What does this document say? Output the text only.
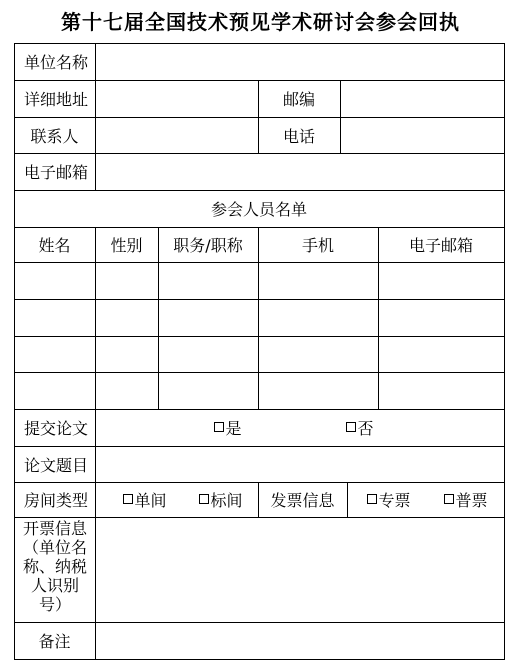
第十七届全国技术预见学术研讨会参会回执
单位名称
详细地址	邮编
联系人	电话
电子邮箱
参会人员名单
姓名	性别	职务/职称	手机	电子邮箱
提交论文	是	否
论文题目
房间类型	单间	标间	发票信息	专票	普票
开票信息
（单位名
称、纳税
人识别
号）
备注
